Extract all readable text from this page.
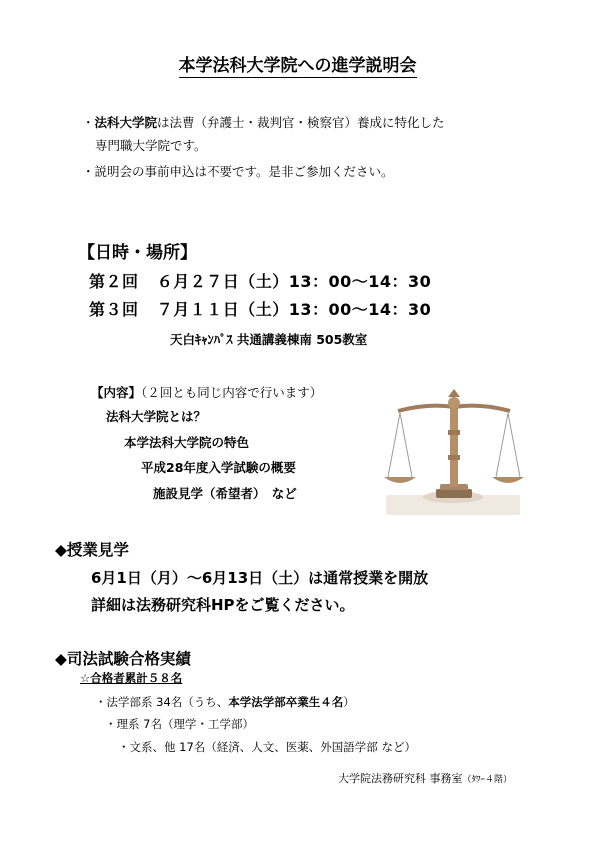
本学法科大学院への進学説明会
・法科大学院は法曹（弁護士・裁判官・検察官）養成に特化した
専門職大学院です。
・説明会の事前申込は不要です。是非ご参加ください。
【日時・場所】
第２回 ６月２７日（土）13：00～14：30
第３回 ７月１１日（土）13：00～14：30
天白ｷｬﾝﾊﾟｽ 共通講義棟南 505教室
【内容】（２回とも同じ内容で行います）
法科大学院とは？
本学法科大学院の特色
平成28年度入学試験の概要
施設見学（希望者）　など
◆授業見学
6月1日（月）～6月13日（土）は通常授業を開放
詳細は法務研究科HPをご覧ください。
◆司法試験合格実績
☆合格者累計５８名
・法学部系 34名（うち、本学法学部卒業生４名）
・理系 7名（理学・工学部）
・文系、他 17名（経済、人文、医薬、外国語学部 など）
大学院法務研究科 事務室（ﾀﾜｰ４階）
